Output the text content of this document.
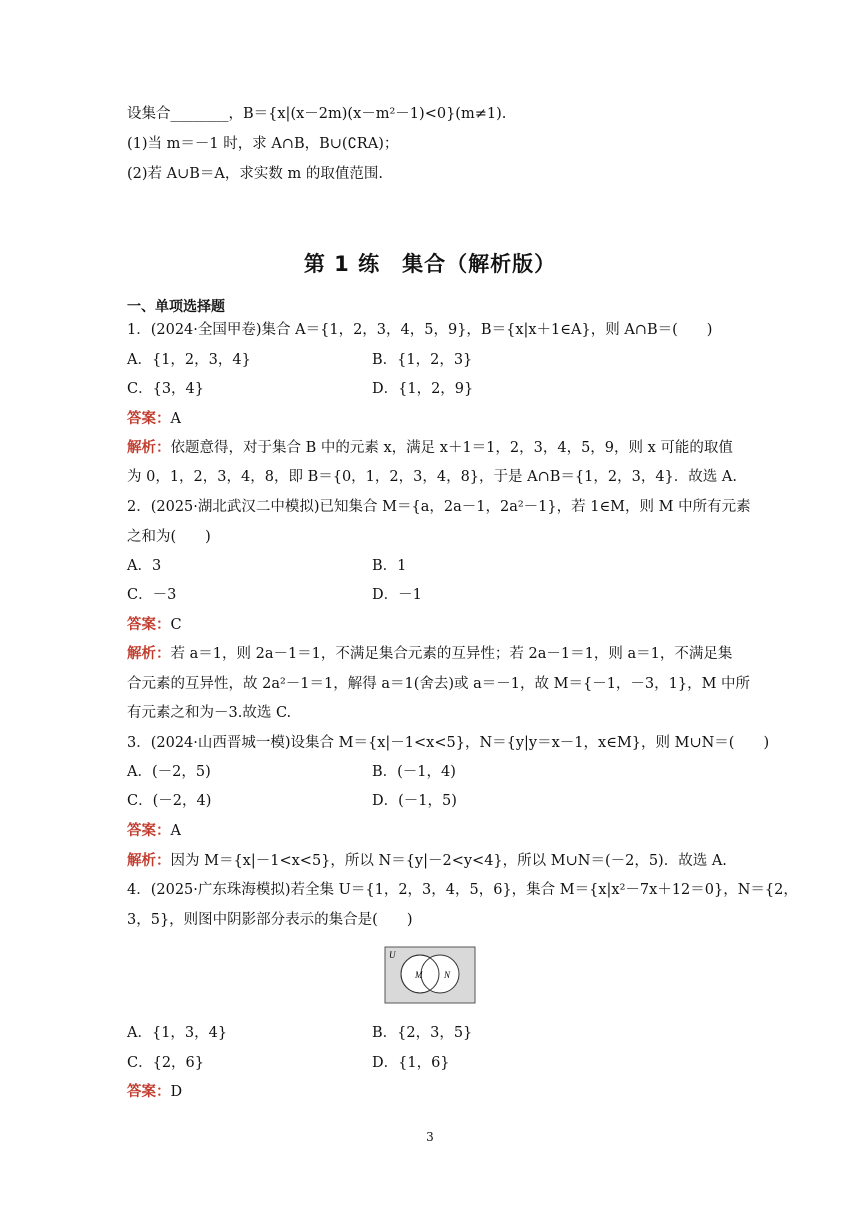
设集合________，B＝{x|(x－2m)(x－m²－1)<0}(m≠1).
(1)当 m＝－1 时，求 A∩B，B∪(∁RA)；
(2)若 A∪B＝A，求实数 m 的取值范围.
第 1 练　集合（解析版）
一、单项选择题
1．(2024·全国甲卷)集合 A＝{1，2，3，4，5，9}，B＝{x|x＋1∈A}，则 A∩B＝(　　)
A．{1，2，3，4}	B．{1，2，3}
C．{3，4}	D．{1，2，9}
答案：A
解析：依题意得，对于集合 B 中的元素 x，满足 x＋1＝1，2，3，4，5，9，则 x 可能的取值
为 0，1，2，3，4，8，即 B＝{0，1，2，3，4，8}，于是 A∩B＝{1，2，3，4}．故选 A.
2．(2025·湖北武汉二中模拟)已知集合 M＝{a，2a－1，2a²－1}，若 1∈M，则 M 中所有元素
之和为(　　)
A．3	B．1
C．－3	D．－1
答案：C
解析：若 a＝1，则 2a－1＝1，不满足集合元素的互异性；若 2a－1＝1，则 a＝1，不满足集
合元素的互异性，故 2a²－1＝1，解得 a＝1(舍去)或 a＝－1，故 M＝{－1，－3，1}，M 中所
有元素之和为－3.故选 C.
3．(2024·山西晋城一模)设集合 M＝{x|－1<x<5}，N＝{y|y＝x－1，x∈M}，则 M∪N＝(　　)
A．(－2，5)	B．(－1，4)
C．(－2，4)	D．(－1，5)
答案：A
解析：因为 M＝{x|－1<x<5}，所以 N＝{y|－2<y<4}，所以 M∪N＝(－2，5)．故选 A.
4．(2025·广东珠海模拟)若全集 U＝{1，2，3，4，5，6}，集合 M＝{x|x²－7x＋12＝0}，N＝{2，
3，5}，则图中阴影部分表示的集合是(　　)
U
M N
A．{1，3，4}	B．{2，3，5}
C．{2，6}	D．{1，6}
答案：D
3
